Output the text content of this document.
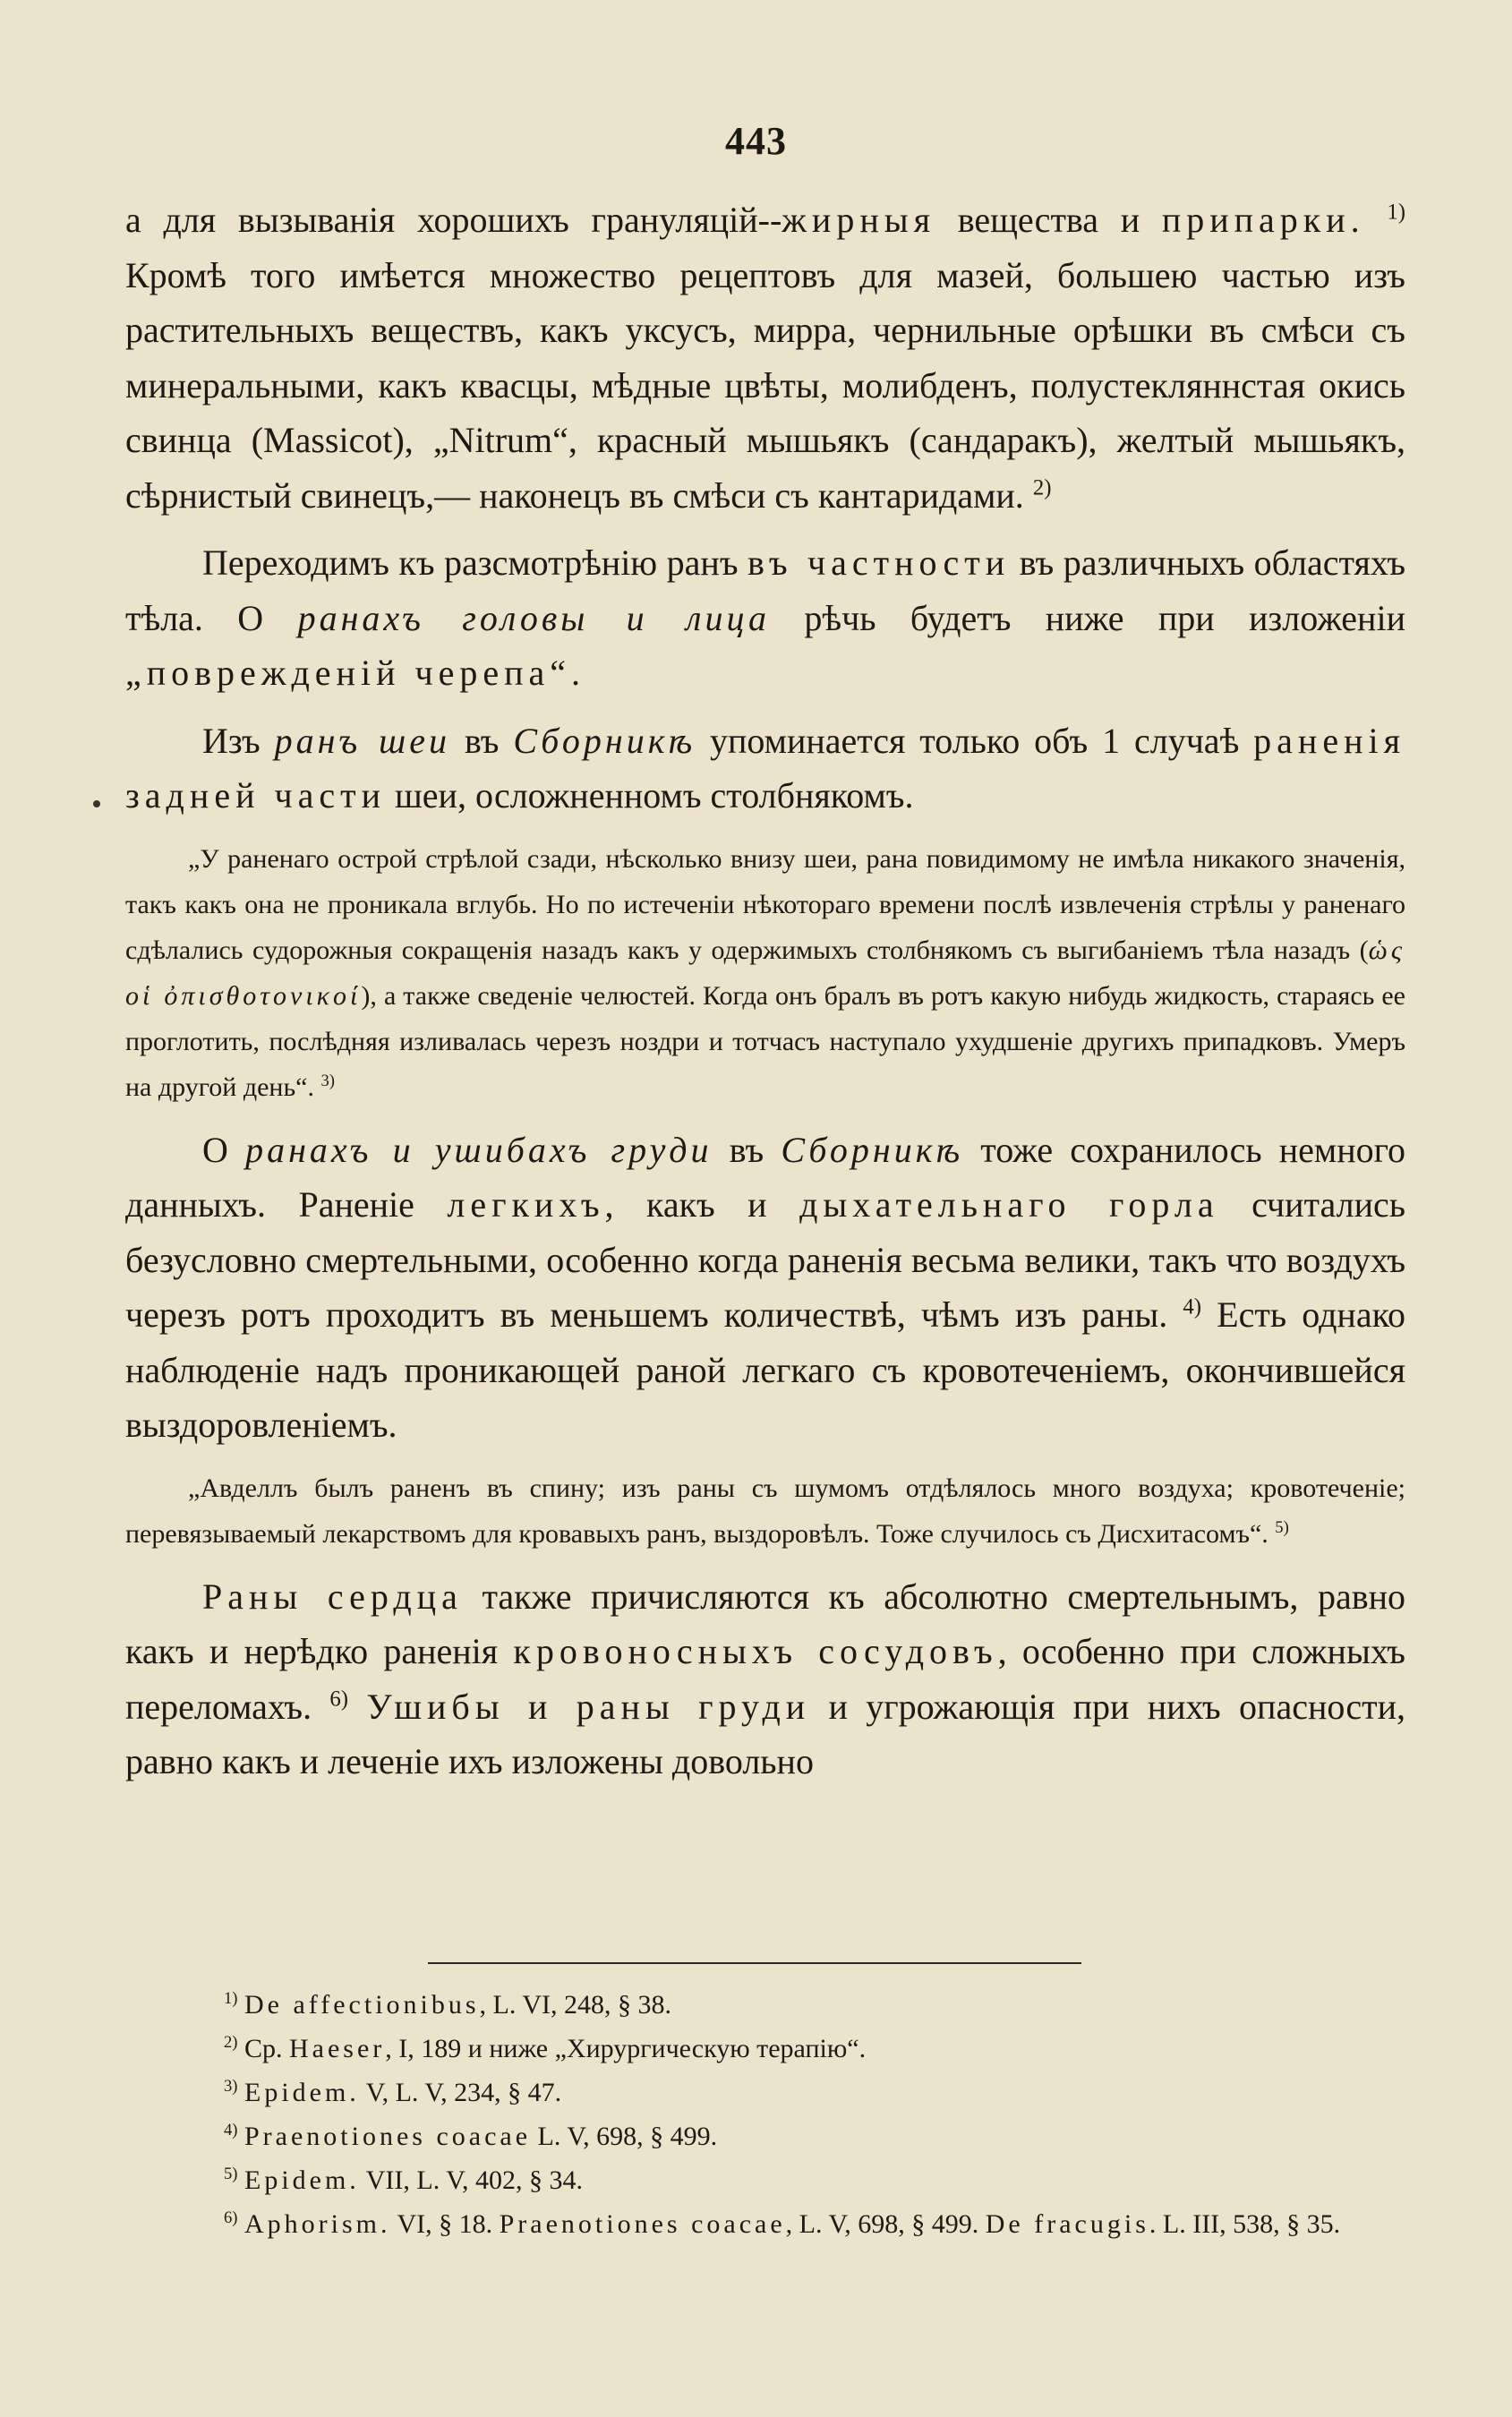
443

а для вызыванія хорошихъ грануляцій--жирныя вещества и припарки. $^{1)}$ Кромѣ того имѣется множество рецептовъ для мазей, большею частью изъ растительныхъ веществъ, какъ уксусъ, мирра, чернильные орѣшки въ смѣси съ минеральными, какъ квасцы, мѣдные цвѣты, молибденъ, полустекляннстая окись свинца (Massicot), „Nitrum“, красный мышьякъ (сандаракъ), желтый мышьякъ, сѣрнистый свинецъ,— наконецъ въ смѣси съ кантаридами. $^{2)}$

Переходимъ къ разсмотрѣнію ранъ въ частности въ различныхъ областяхъ тѣла. О ранахъ головы и лица рѣчь будетъ ниже при изложеніи „поврежденій черепа“.

Изъ ранъ шеи въ Сборникѣ упоминается только объ 1 случаѣ раненія задней части шеи, осложненномъ столбнякомъ.

„У раненаго острой стрѣлой сзади, нѣсколько внизу шеи, рана повидимому не имѣла никакого значенія, такъ какъ она не проникала вглубь. Но по истеченіи нѣкотораго времени послѣ извлеченія стрѣлы у раненаго сдѣлались судорожныя сокращенія назадъ какъ у одержимыхъ столбнякомъ съ выгибаніемъ тѣла назадъ (ὡς οἱ ὀπισθοτονικοί), а также сведеніе челюстей. Когда онъ бралъ въ ротъ какую нибудь жидкость, стараясь ее проглотить, послѣдняя изливалась черезъ ноздри и тотчасъ наступало ухудшеніе другихъ припадковъ. Умеръ на другой день“. $^{3)}$

О ранахъ и ушибахъ груди въ Сборникѣ тоже сохранилось немного данныхъ. Раненіе легкихъ, какъ и дыхательнаго горла считались безусловно смертельными, особенно когда раненія весьма велики, такъ что воздухъ черезъ ротъ проходитъ въ меньшемъ количествѣ, чѣмъ изъ раны. $^{4)}$ Есть однако наблюденіе надъ проникающей раной легкаго съ кровотеченіемъ, окончившейся выздоровленіемъ.

„Авделлъ былъ раненъ въ спину; изъ раны съ шумомъ отдѣлялось много воздуха; кровотеченіе; перевязываемый лекарствомъ для кровавыхъ ранъ, выздоровѣлъ. Тоже случилось съ Дисхитасомъ“. $^{5)}$

Раны сердца также причисляются къ абсолютно смертельнымъ, равно какъ и нерѣдко раненія кровоносныхъ сосудовъ, особенно при сложныхъ переломахъ. $^{6)}$ Ушибы и раны груди и угрожающія при нихъ опасности, равно какъ и леченіе ихъ изложены довольно

$^{1)}$ De affectionibus, L. VI, 248, § 38.

$^{2)}$ Ср. Haeser, I, 189 и ниже „Хирургическую терапію“.

$^{3)}$ Epidem. V, L. V, 234, § 47.

$^{4)}$ Praenotiones coacae L. V, 698, § 499.

$^{5)}$ Epidem. VII, L. V, 402, § 34.

$^{6)}$ Aphorism. VI, § 18. Praenotiones coacae, L. V, 698, § 499. De fracugis. L. III, 538, § 35.
